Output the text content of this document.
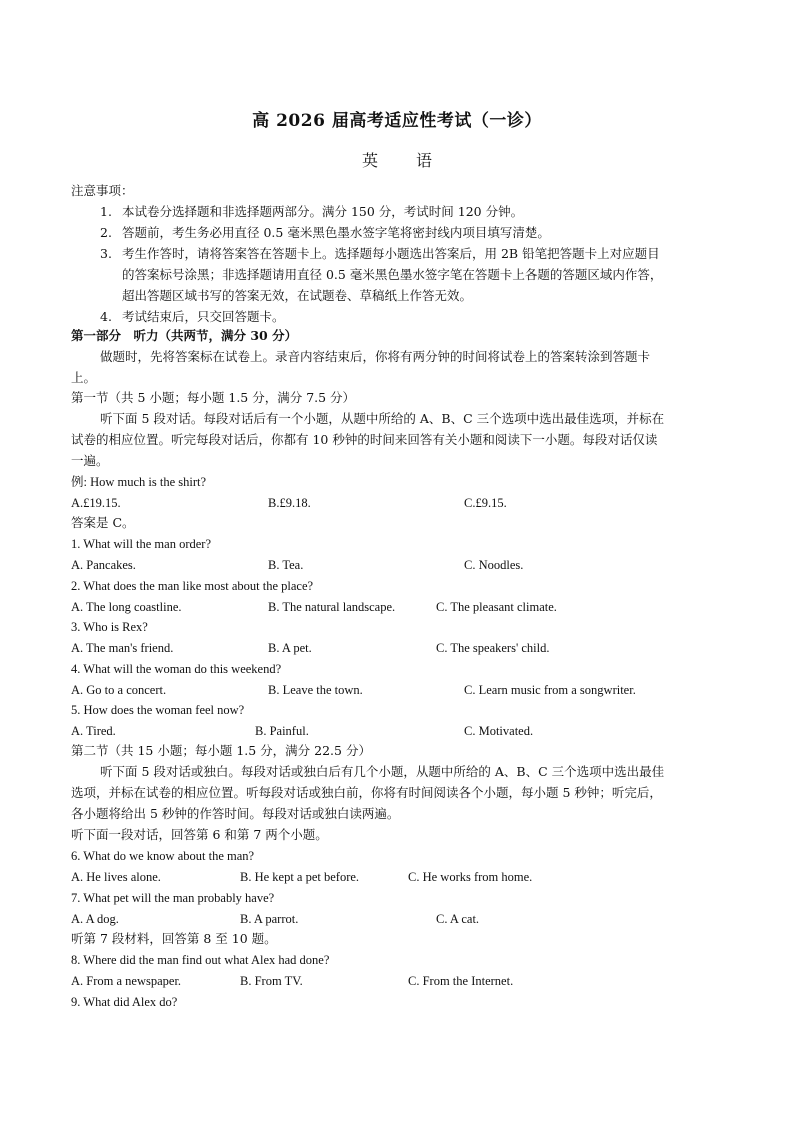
高 2026 届高考适应性考试（一诊）
英语
注意事项：
1. 本试卷分选择题和非选择题两部分。满分 150 分，考试时间 120 分钟。
2. 答题前，考生务必用直径 0.5 毫米黑色墨水签字笔将密封线内项目填写清楚。
3. 考生作答时，请将答案答在答题卡上。选择题每小题选出答案后，用 2B 铅笔把答题卡上对应题目
的答案标号涂黑；非选择题请用直径 0.5 毫米黑色墨水签字笔在答题卡上各题的答题区域内作答，
超出答题区域书写的答案无效，在试题卷、草稿纸上作答无效。
4. 考试结束后，只交回答题卡。
第一部分　听力（共两节，满分 30 分）
做题时，先将答案标在试卷上。录音内容结束后，你将有两分钟的时间将试卷上的答案转涂到答题卡
上。
第一节（共 5 小题；每小题 1.5 分，满分 7.5 分）
听下面 5 段对话。每段对话后有一个小题，从题中所给的 A、B、C 三个选项中选出最佳选项，并标在
试卷的相应位置。听完每段对话后，你都有 10 秒钟的时间来回答有关小题和阅读下一小题。每段对话仅读
一遍。
例: How much is the shirt?
A.£19.15.	B.£9.18.	C.£9.15.
答案是 C。
1. What will the man order?
A. Pancakes.	B. Tea.	C. Noodles.
2. What does the man like most about the place?
A. The long coastline.	B. The natural landscape.	C. The pleasant climate.
3. Who is Rex?
A. The man's friend.	B. A pet.	C. The speakers' child.
4. What will the woman do this weekend?
A. Go to a concert.	B. Leave the town.	C. Learn music from a songwriter.
5. How does the woman feel now?
A. Tired.	B. Painful.	C. Motivated.
第二节（共 15 小题；每小题 1.5 分，满分 22.5 分）
听下面 5 段对话或独白。每段对话或独白后有几个小题，从题中所给的 A、B、C 三个选项中选出最佳
选项，并标在试卷的相应位置。听每段对话或独白前，你将有时间阅读各个小题，每小题 5 秒钟；听完后，
各小题将给出 5 秒钟的作答时间。每段对话或独白读两遍。
听下面一段对话，回答第 6 和第 7 两个小题。
6. What do we know about the man?
A. He lives alone.	B. He kept a pet before.	C. He works from home.
7. What pet will the man probably have?
A. A dog.	B. A parrot.	C. A cat.
听第 7 段材料，回答第 8 至 10 题。
8. Where did the man find out what Alex had done?
A. From a newspaper.	B. From TV.	C. From the Internet.
9. What did Alex do?
